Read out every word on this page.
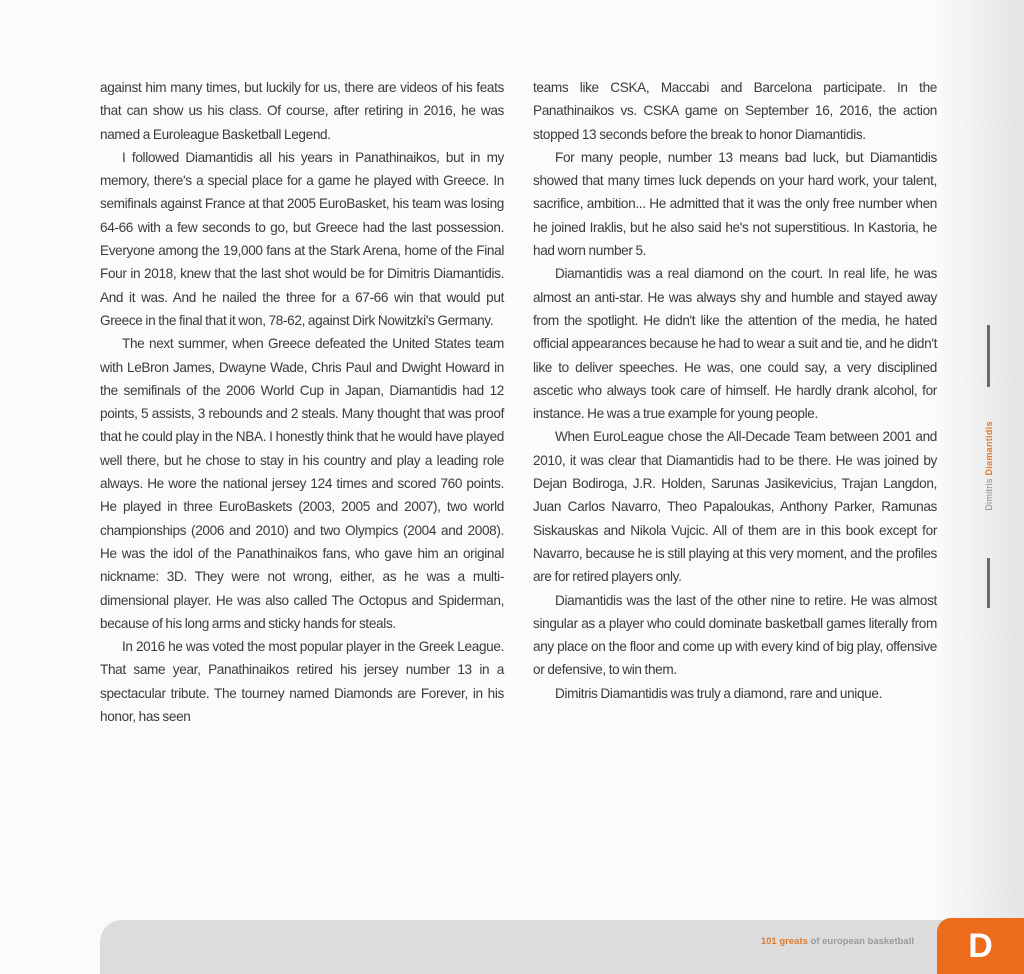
against him many times, but luckily for us, there are videos of his feats that can show us his class. Of course, after retiring in 2016, he was named a Euroleague Basketball Legend.

I followed Diamantidis all his years in Panathinaikos, but in my memory, there's a special place for a game he played with Greece. In semifinals against France at that 2005 EuroBasket, his team was losing 64-66 with a few seconds to go, but Greece had the last possession. Everyone among the 19,000 fans at the Stark Arena, home of the Final Four in 2018, knew that the last shot would be for Dimitris Diamantidis. And it was. And he nailed the three for a 67-66 win that would put Greece in the final that it won, 78-62, against Dirk Nowitzki's Germany.

The next summer, when Greece defeated the United States team with LeBron James, Dwayne Wade, Chris Paul and Dwight Howard in the semifinals of the 2006 World Cup in Japan, Diamantidis had 12 points, 5 assists, 3 rebounds and 2 steals. Many thought that was proof that he could play in the NBA. I honestly think that he would have played well there, but he chose to stay in his country and play a leading role always. He wore the national jersey 124 times and scored 760 points. He played in three EuroBaskets (2003, 2005 and 2007), two world championships (2006 and 2010) and two Olympics (2004 and 2008). He was the idol of the Panathinaikos fans, who gave him an original nickname: 3D. They were not wrong, either, as he was a multi-dimensional player. He was also called The Octopus and Spiderman, because of his long arms and sticky hands for steals.

In 2016 he was voted the most popular player in the Greek League. That same year, Panathinaikos retired his jersey number 13 in a spectacular tribute. The tourney named Diamonds are Forever, in his honor, has seen

teams like CSKA, Maccabi and Barcelona participate. In the Panathinaikos vs. CSKA game on September 16, 2016, the action stopped 13 seconds before the break to honor Diamantidis.

For many people, number 13 means bad luck, but Diamantidis showed that many times luck depends on your hard work, your talent, sacrifice, ambition... He admitted that it was the only free number when he joined Iraklis, but he also said he's not superstitious. In Kastoria, he had worn number 5.

Diamantidis was a real diamond on the court. In real life, he was almost an anti-star. He was always shy and humble and stayed away from the spotlight. He didn't like the attention of the media, he hated official appearances because he had to wear a suit and tie, and he didn't like to deliver speeches. He was, one could say, a very disciplined ascetic who always took care of himself. He hardly drank alcohol, for instance. He was a true example for young people.

When EuroLeague chose the All-Decade Team between 2001 and 2010, it was clear that Diamantidis had to be there. He was joined by Dejan Bodiroga, J.R. Holden, Sarunas Jasikevicius, Trajan Langdon, Juan Carlos Navarro, Theo Papaloukas, Anthony Parker, Ramunas Siskauskas and Nikola Vujcic. All of them are in this book except for Navarro, because he is still playing at this very moment, and the profiles are for retired players only.

Diamantidis was the last of the other nine to retire. He was almost singular as a player who could dominate basketball games literally from any place on the floor and come up with every kind of big play, offensive or defensive, to win them.

Dimitris Diamantidis was truly a diamond, rare and unique.

Dimitris Diamantidis
101 greats of european basketball	D
